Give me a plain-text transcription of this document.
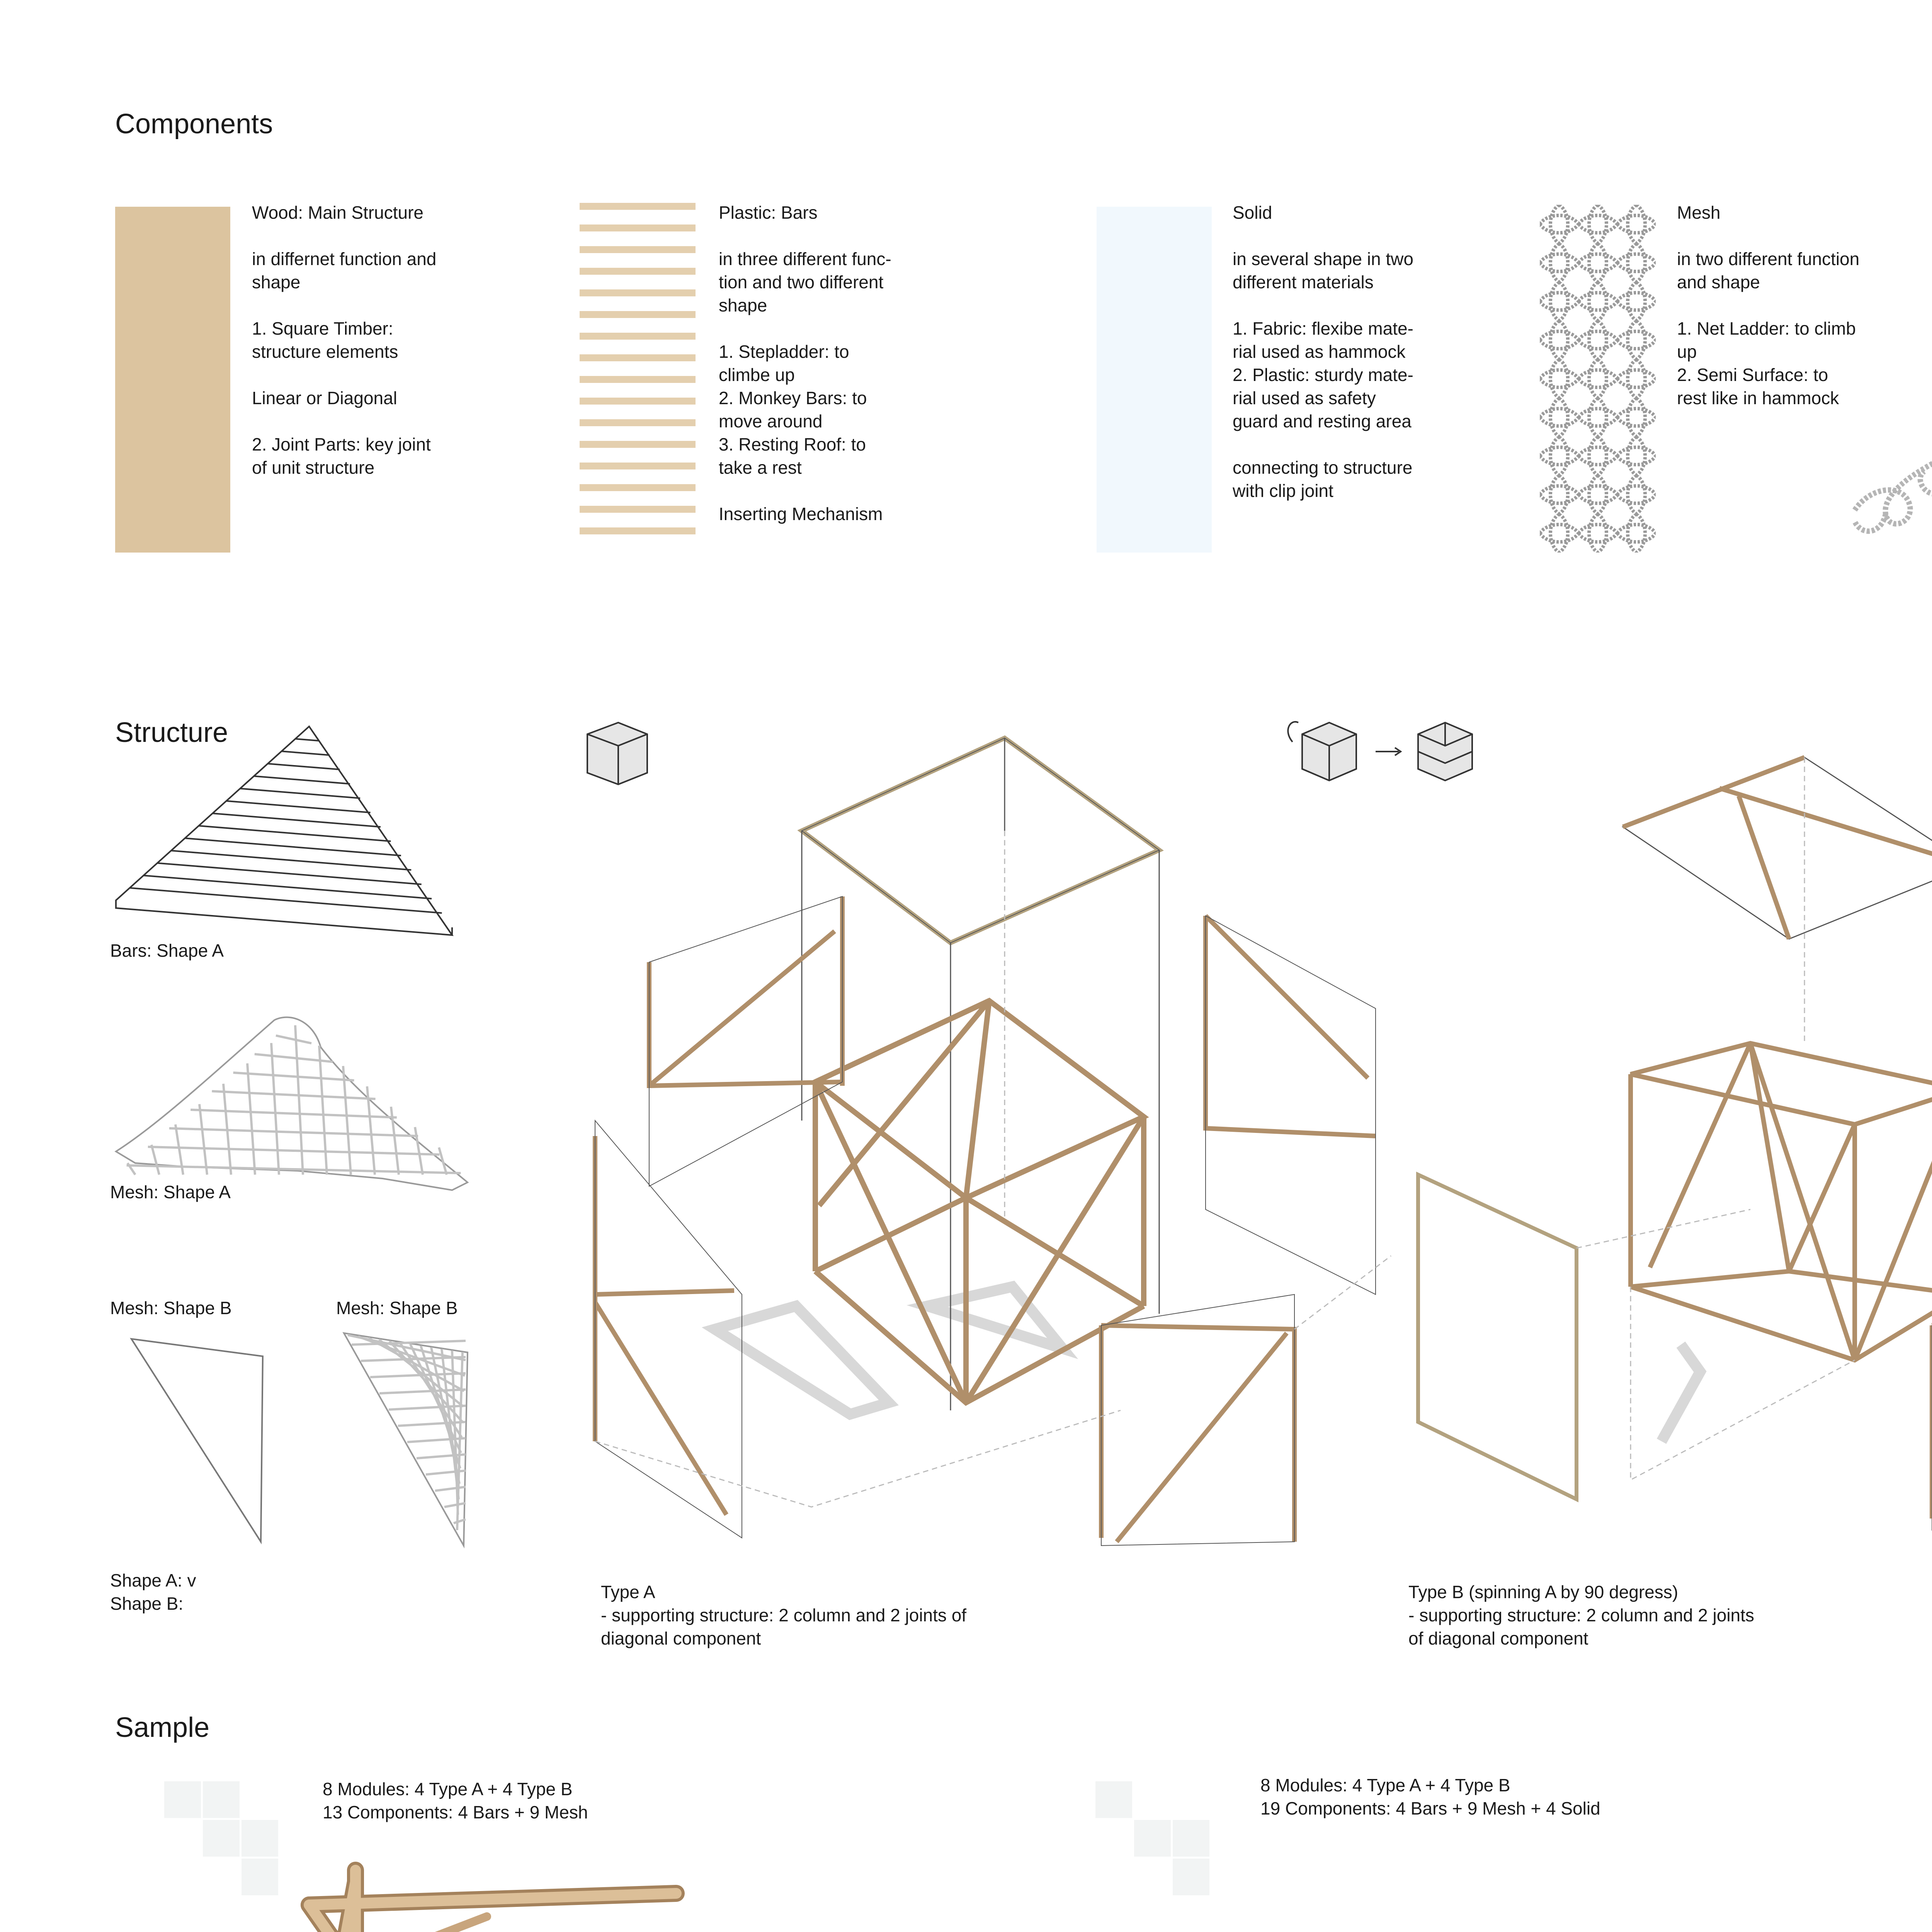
Components
Wood: Main Structure
in differnet function and
shape

1. Square Timber:
structure elements

Linear or Diagonal

2. Joint Parts: key joint
of unit structure
Plastic: Bars
in three different func-
tion and two different
shape

1. Stepladder: to
climbe up
2. Monkey Bars: to
move around
3. Resting Roof: to
take a rest

Inserting Mechanism
Solid
in several shape in two
different materials

1. Fabric: flexibe mate-
rial used as hammock
2. Plastic: sturdy mate-
rial used as safety
guard and resting area

connecting to structure
with clip joint
Mesh
in two different function
and shape

1. Net Ladder: to climb
up
2. Semi Surface: to
rest like in hammock
Structure
Bars: Shape A
Mesh: Shape A
Mesh: Shape B	Mesh: Shape B
Shape A: v
Shape B:
Type A
- supporting structure: 2 column and 2 joints of
diagonal component
Type B (spinning A by 90 degress)
- supporting structure: 2 column and 2 joints
of diagonal component
Sample
8 Modules: 4 Type A + 4 Type B
13 Components: 4 Bars + 9 Mesh
8 Modules: 4 Type A + 4 Type B
19 Components: 4 Bars + 9 Mesh + 4 Solid
